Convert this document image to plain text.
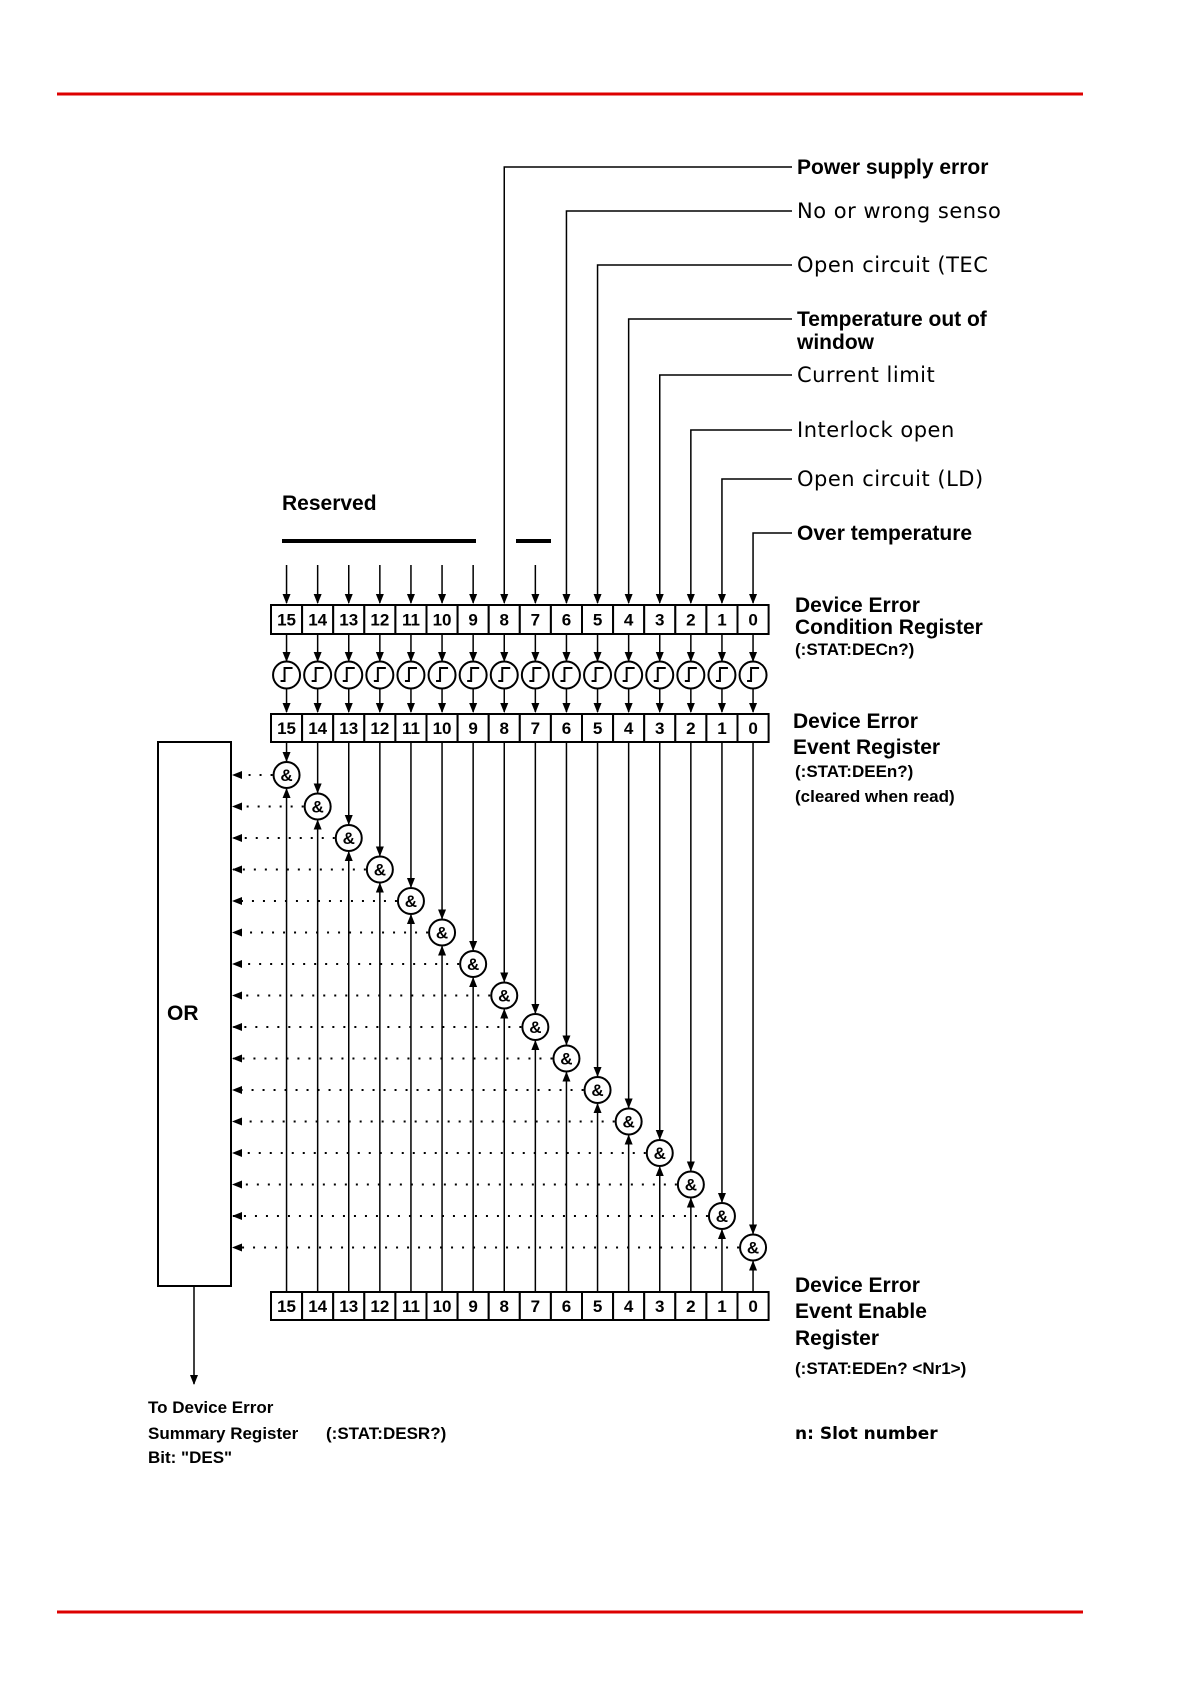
Reserved
Power supply error
No or wrong senso
Open circuit (TEC
Temperature out of
window
Current limit
Interlock open
Open circuit (LD)
Over temperature
15 14 13 12 11 10 9 8 7 6 5 4 3 2 1 0
15 14 13 12 11 10 9 8 7 6 5 4 3 2 1 0
15 14 13 12 11 10 9 8 7 6 5 4 3 2 1 0
&
&
&
&
&
&
&
&
&
&
&
&
&
&
&
&
OR
To Device Error
Summary Register (:STAT:DESR?)
Bit: "DES"
Device Error
Condition Register
(:STAT:DECn?)
Device Error
Event Register
(:STAT:DEEn?)
(cleared when read)
Device Error
Event Enable
Register
(:STAT:EDEn? <Nr1>)
n: Slot number
